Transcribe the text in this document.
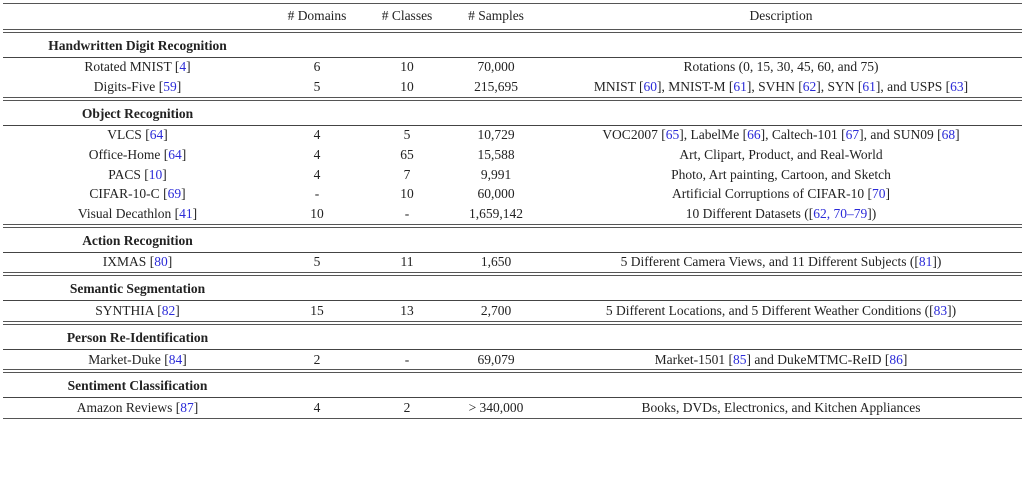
	# Domains	# Classes	# Samples	Description
Handwritten Digit Recognition				
Rotated MNIST [4]	6	10	70,000	Rotations (0, 15, 30, 45, 60, and 75)
Digits-Five [59]	5	10	215,695	MNIST [60], MNIST-M [61], SVHN [62], SYN [61], and USPS [63]
Object Recognition				
VLCS [64]	4	5	10,729	VOC2007 [65], LabelMe [66], Caltech-101 [67], and SUN09 [68]
Office-Home [64]	4	65	15,588	Art, Clipart, Product, and Real-World
PACS [10]	4	7	9,991	Photo, Art painting, Cartoon, and Sketch
CIFAR-10-C [69]	-	10	60,000	Artificial Corruptions of CIFAR-10 [70]
Visual Decathlon [41]	10	-	1,659,142	10 Different Datasets ([62, 70–79])
Action Recognition				
IXMAS [80]	5	11	1,650	5 Different Camera Views, and 11 Different Subjects ([81])
Semantic Segmentation				
SYNTHIA [82]	15	13	2,700	5 Different Locations, and 5 Different Weather Conditions ([83])
Person Re-Identification				
Market-Duke [84]	2	-	69,079	Market-1501 [85] and DukeMTMC-ReID [86]
Sentiment Classification				
Amazon Reviews [87]	4	2	> 340,000	Books, DVDs, Electronics, and Kitchen Appliances
